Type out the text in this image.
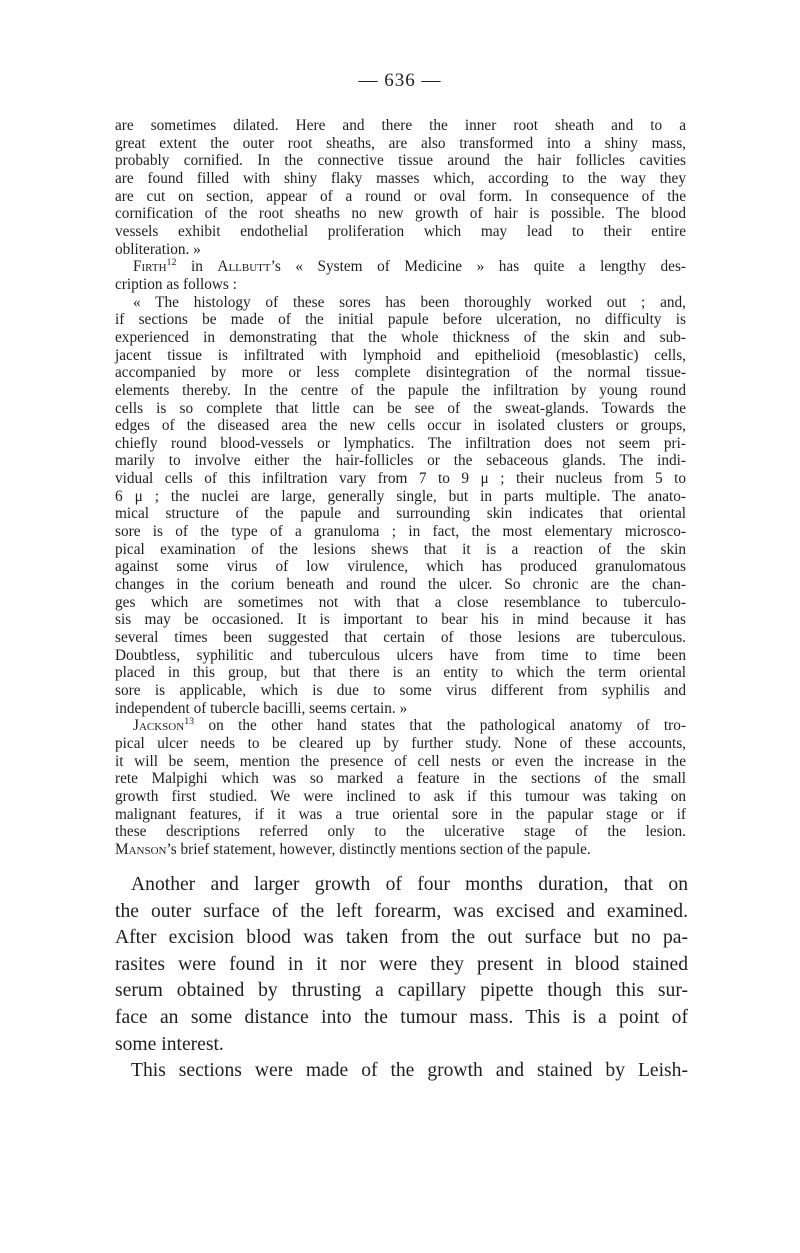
— 636 —
are sometimes dilated. Here and there the inner root sheath and to a
great extent the outer root sheaths, are also transformed into a shiny mass,
probably cornified. In the connective tissue around the hair follicles cavities
are found filled with shiny flaky masses which, according to the way they
are cut on section, appear of a round or oval form. In consequence of the
cornification of the root sheaths no new growth of hair is possible. The blood
vessels exhibit endothelial proliferation which may lead to their entire
obliteration. »
Firth$^{12}$ in Allbutt’s « System of Medicine » has quite a lengthy des-
cription as follows :
« The histology of these sores has been thoroughly worked out ; and,
if sections be made of the initial papule before ulceration, no difficulty is
experienced in demonstrating that the whole thickness of the skin and sub-
jacent tissue is infiltrated with lymphoid and epithelioid (mesoblastic) cells,
accompanied by more or less complete disintegration of the normal tissue-
elements thereby. In the centre of the papule the infiltration by young round
cells is so complete that little can be see of the sweat-glands. Towards the
edges of the diseased area the new cells occur in isolated clusters or groups,
chiefly round blood-vessels or lymphatics. The infiltration does not seem pri-
marily to involve either the hair-follicles or the sebaceous glands. The indi-
vidual cells of this infiltration vary from 7 to 9 μ ; their nucleus from 5 to
6 μ ; the nuclei are large, generally single, but in parts multiple. The anato-
mical structure of the papule and surrounding skin indicates that oriental
sore is of the type of a granuloma ; in fact, the most elementary microsco-
pical examination of the lesions shews that it is a reaction of the skin
against some virus of low virulence, which has produced granulomatous
changes in the corium beneath and round the ulcer. So chronic are the chan-
ges which are sometimes not with that a close resemblance to tuberculo-
sis may be occasioned. It is important to bear his in mind because it has
several times been suggested that certain of those lesions are tuberculous.
Doubtless, syphilitic and tuberculous ulcers have from time to time been
placed in this group, but that there is an entity to which the term oriental
sore is applicable, which is due to some virus different from syphilis and
independent of tubercle bacilli, seems certain. »
Jackson$^{13}$ on the other hand states that the pathological anatomy of tro-
pical ulcer needs to be cleared up by further study. None of these accounts,
it will be seem, mention the presence of cell nests or even the increase in the
rete Malpighi which was so marked a feature in the sections of the small
growth first studied. We were inclined to ask if this tumour was taking on
malignant features, if it was a true oriental sore in the papular stage or if
these descriptions referred only to the ulcerative stage of the lesion.
Manson’s brief statement, however, distinctly mentions section of the papule.
Another and larger growth of four months duration, that on
the outer surface of the left forearm, was excised and examined.
After excision blood was taken from the out surface but no pa-
rasites were found in it nor were they present in blood stained
serum obtained by thrusting a capillary pipette though this sur-
face an some distance into the tumour mass. This is a point of
some interest.
This sections were made of the growth and stained by Leish-
